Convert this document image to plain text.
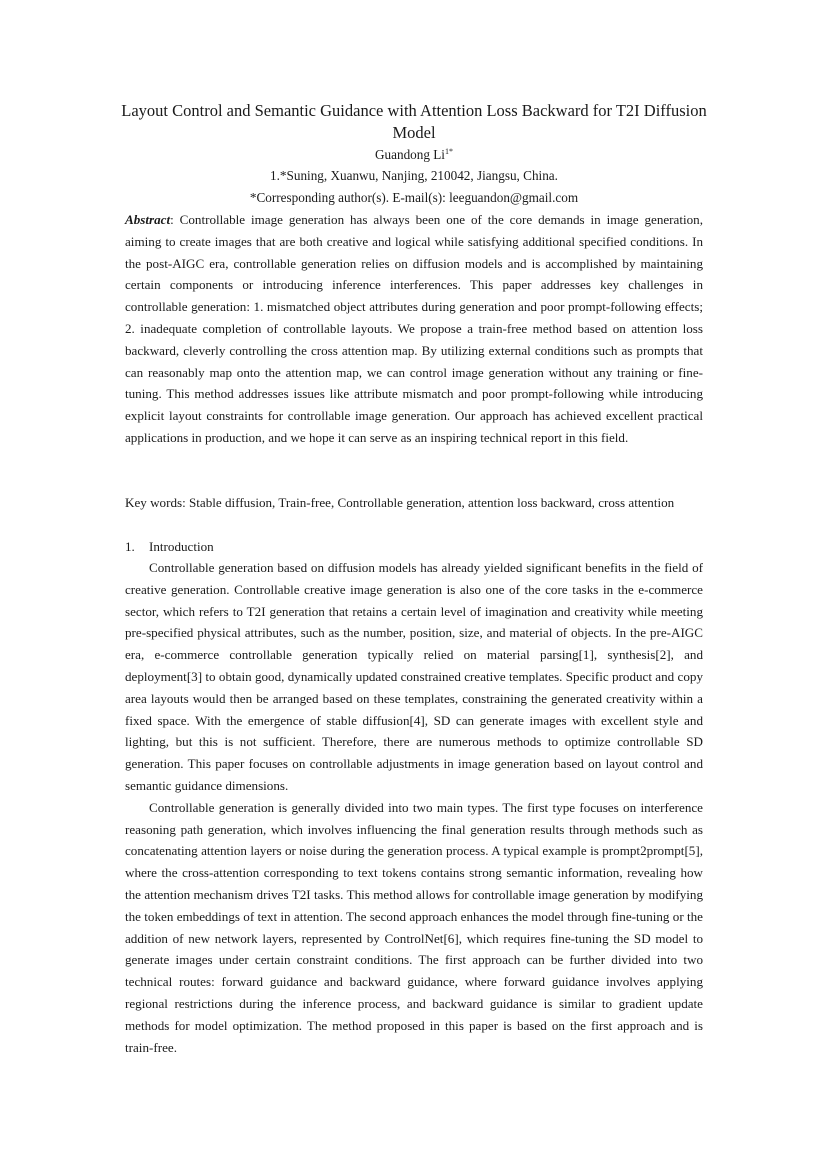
Layout Control and Semantic Guidance with Attention Loss Backward for T2I Diffusion Model
Guandong $Li^{1*}$
1.*Suning, Xuanwu, Nanjing, 210042, Jiangsu, China.
*Corresponding author(s). E-mail(s): leeguandon@gmail.com
Abstract: Controllable image generation has always been one of the core demands in image generation, aiming to create images that are both creative and logical while satisfying additional specified conditions. In the post-AIGC era, controllable generation relies on diffusion models and is accomplished by maintaining certain components or introducing inference interferences. This paper addresses key challenges in controllable generation: 1. mismatched object attributes during generation and poor prompt-following effects; 2. inadequate completion of controllable layouts. We propose a train-free method based on attention loss backward, cleverly controlling the cross attention map. By utilizing external conditions such as prompts that can reasonably map onto the attention map, we can control image generation without any training or fine-tuning. This method addresses issues like attribute mismatch and poor prompt-following while introducing explicit layout constraints for controllable image generation. Our approach has achieved excellent practical applications in production, and we hope it can serve as an inspiring technical report in this field.
Key words: Stable diffusion, Train-free, Controllable generation, attention loss backward, cross attention
1. Introduction

Controllable generation based on diffusion models has already yielded significant benefits in the field of creative generation. Controllable creative image generation is also one of the core tasks in the e-commerce sector, which refers to T2I generation that retains a certain level of imagination and creativity while meeting pre-specified physical attributes, such as the number, position, size, and material of objects. In the pre-AIGC era, e-commerce controllable generation typically relied on material parsing[1], synthesis[2], and deployment[3] to obtain good, dynamically updated constrained creative templates. Specific product and copy area layouts would then be arranged based on these templates, constraining the generated creativity within a fixed space. With the emergence of stable diffusion[4], SD can generate images with excellent style and lighting, but this is not sufficient. Therefore, there are numerous methods to optimize controllable SD generation. This paper focuses on controllable adjustments in image generation based on layout control and semantic guidance dimensions.

Controllable generation is generally divided into two main types. The first type focuses on interference reasoning path generation, which involves influencing the final generation results through methods such as concatenating attention layers or noise during the generation process. A typical example is prompt2prompt[5], where the cross-attention corresponding to text tokens contains strong semantic information, revealing how the attention mechanism drives T2I tasks. This method allows for controllable image generation by modifying the token embeddings of text in attention. The second approach enhances the model through fine-tuning or the addition of new network layers, represented by ControlNet[6], which requires fine-tuning the SD model to generate images under certain constraint conditions. The first approach can be further divided into two technical routes: forward guidance and backward guidance, where forward guidance involves applying regional restrictions during the inference process, and backward guidance is similar to gradient update methods for model optimization. The method proposed in this paper is based on the first approach and is train-free.
